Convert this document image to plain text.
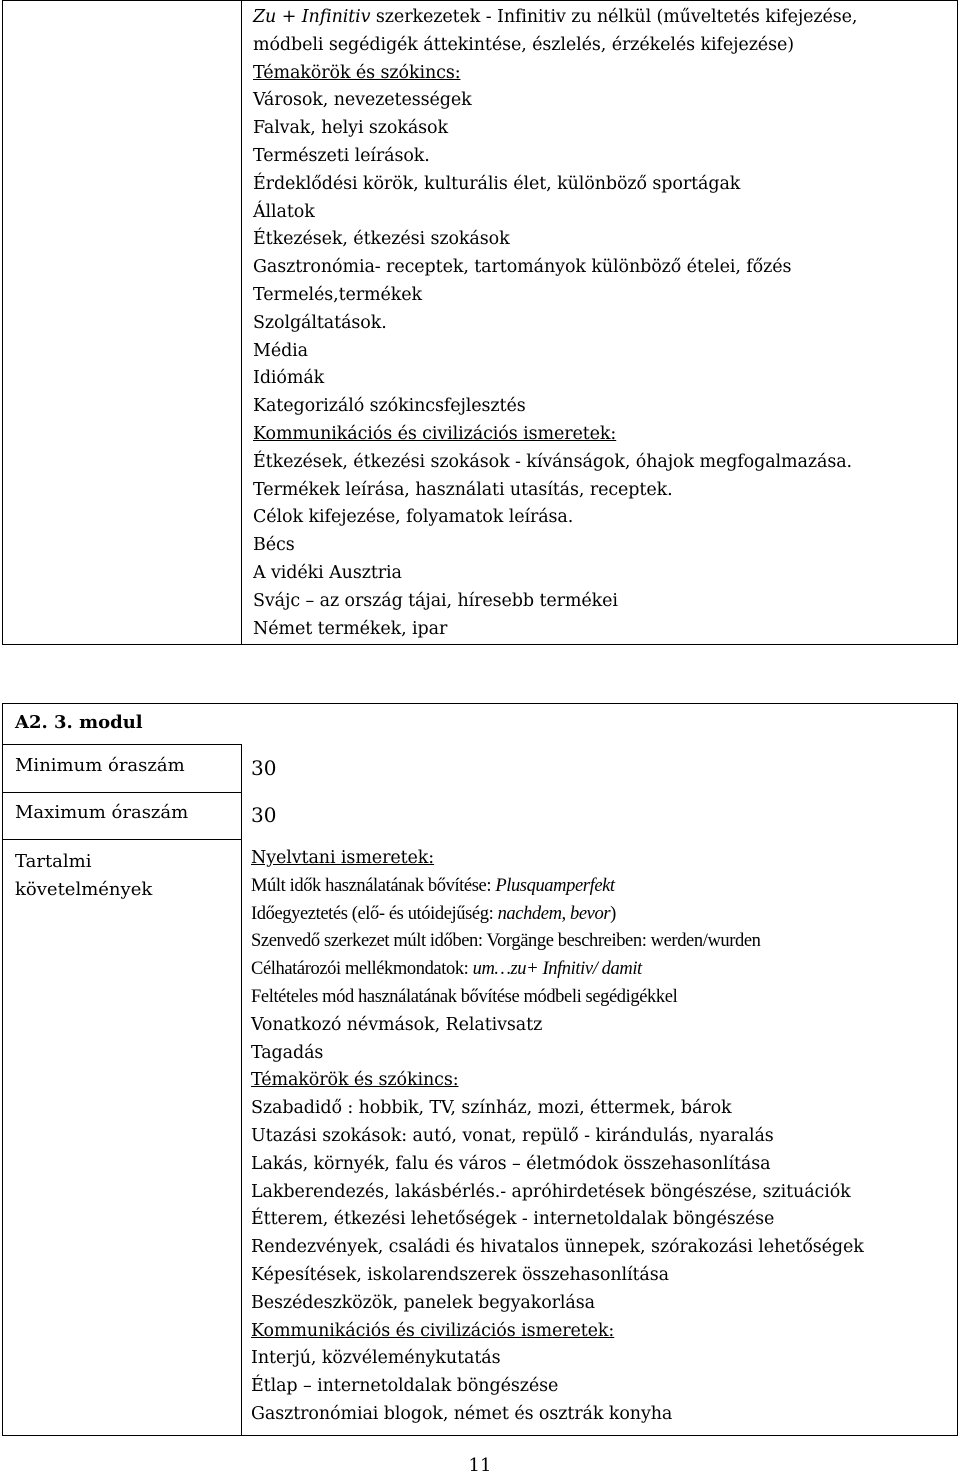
Zu + Infinitiv szerkezetek - Infinitiv zu nélkül (műveltetés kifejezése,
módbeli segédigék áttekintése, észlelés, érzékelés kifejezése)
Témakörök és szókincs:
Városok, nevezetességek
Falvak, helyi szokások
Természeti leírások.
Érdeklődési körök, kulturális élet, különböző sportágak
Állatok
Étkezések, étkezési szokások
Gasztronómia- receptek, tartományok különböző ételei, főzés
Termelés,termékek
Szolgáltatások.
Média
Idiómák
Kategorizáló szókincsfejlesztés
Kommunikációs és civilizációs ismeretek:
Étkezések, étkezési szokások - kívánságok, óhajok megfogalmazása.
Termékek leírása, használati utasítás, receptek.
Célok kifejezése, folyamatok leírása.
Bécs
A vidéki Ausztria
Svájc – az ország tájai, híresebb termékei
Német termékek, ipar
A2. 3. modul
Minimum óraszám	30
Maximum óraszám	30
Tartalmi
követelmények
Nyelvtani ismeretek:
Múlt idők használatának bővítése: Plusquamperfekt
Időegyeztetés (elő- és utóidejűség: nachdem, bevor)
Szenvedő szerkezet múlt időben: Vorgänge beschreiben: werden/wurden
Célhatározói mellékmondatok: um…zu+ Infnitiv/ damit
Feltételes mód használatának bővítése módbeli segédigékkel
Vonatkozó névmások, Relativsatz
Tagadás
Témakörök és szókincs:
Szabadidő : hobbik, TV, színház, mozi, éttermek, bárok
Utazási szokások: autó, vonat, repülő - kirándulás, nyaralás
Lakás, környék, falu és város – életmódok összehasonlítása
Lakberendezés, lakásbérlés.- apróhirdetések böngészése, szituációk
Étterem, étkezési lehetőségek - internetoldalak böngészése
Rendezvények, családi és hivatalos ünnepek, szórakozási lehetőségek
Képesítések, iskolarendszerek összehasonlítása
Beszédeszközök, panelek begyakorlása
Kommunikációs és civilizációs ismeretek:
Interjú, közvéleménykutatás
Étlap – internetoldalak böngészése
Gasztronómiai blogok, német és osztrák konyha
11
